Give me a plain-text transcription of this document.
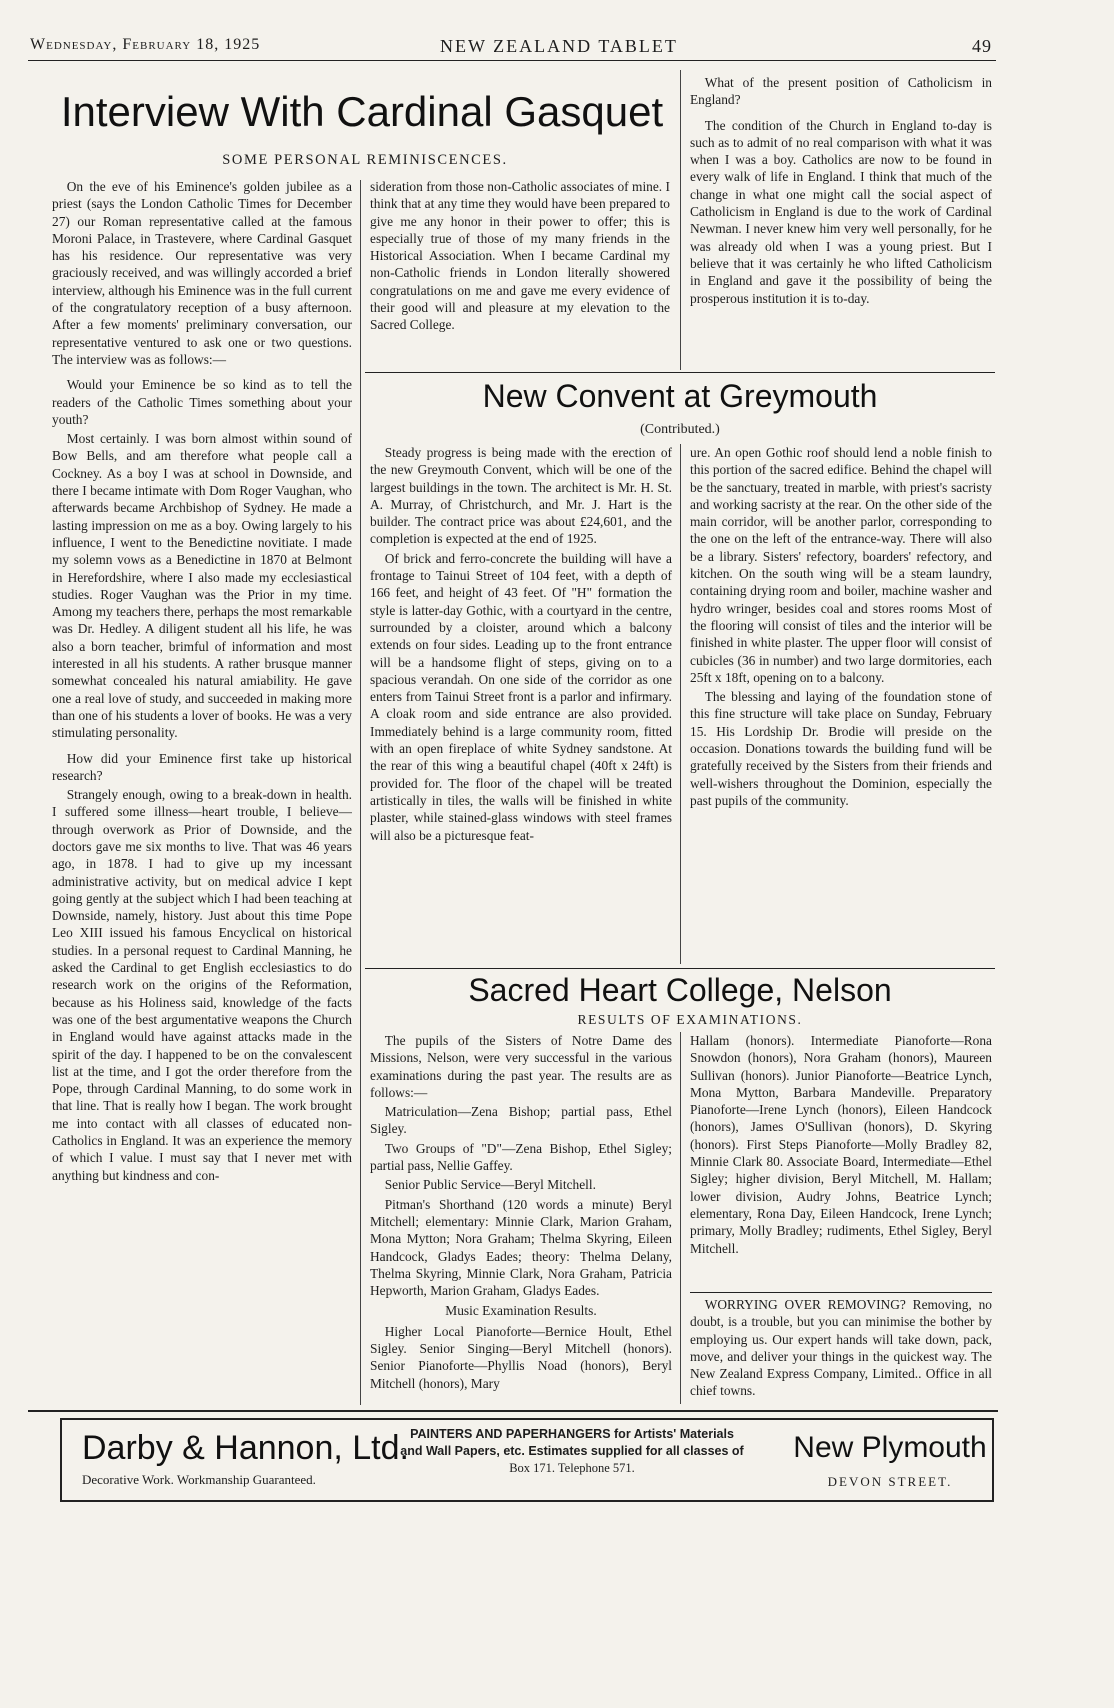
Wednesday, February 18, 1925	NEW ZEALAND TABLET	49
Interview With Cardinal Gasquet
SOME PERSONAL REMINISCENCES.

On the eve of his Eminence's golden jubilee as a priest (says the London Catholic Times for December 27) our Roman representative called at the famous Moroni Palace, in Trastevere, where Cardinal Gasquet has his residence. Our representative was very graciously received, and was willingly accorded a brief interview, although his Eminence was in the full current of the congratulatory reception of a busy afternoon. After a few moments' preliminary conversation, our representative ventured to ask one or two questions. The interview was as follows:—

Would your Eminence be so kind as to tell the readers of the Catholic Times something about your youth?

Most certainly. I was born almost within sound of Bow Bells, and am therefore what people call a Cockney. As a boy I was at school in Downside, and there I became intimate with Dom Roger Vaughan, who afterwards became Archbishop of Sydney. He made a lasting impression on me as a boy. Owing largely to his influence, I went to the Benedictine novitiate. I made my solemn vows as a Benedictine in 1870 at Belmont in Herefordshire, where I also made my ecclesiastical studies. Roger Vaughan was the Prior in my time. Among my teachers there, perhaps the most remarkable was Dr. Hedley. A diligent student all his life, he was also a born teacher, brimful of information and most interested in all his students. A rather brusque manner somewhat concealed his natural amiability. He gave one a real love of study, and succeeded in making more than one of his students a lover of books. He was a very stimulating personality.

How did your Eminence first take up historical research?

Strangely enough, owing to a break-down in health. I suffered some illness—heart trouble, I believe—through overwork as Prior of Downside, and the doctors gave me six months to live. That was 46 years ago, in 1878. I had to give up my incessant administrative activity, but on medical advice I kept going gently at the subject which I had been teaching at Downside, namely, history. Just about this time Pope Leo XIII issued his famous Encyclical on historical studies. In a personal request to Cardinal Manning, he asked the Cardinal to get English ecclesiastics to do research work on the origins of the Reformation, because as his Holiness said, knowledge of the facts was one of the best argumentative weapons the Church in England would have against attacks made in the spirit of the day. I happened to be on the convalescent list at the time, and I got the order therefore from the Pope, through Cardinal Manning, to do some work in that line. That is really how I began. The work brought me into contact with all classes of educated non-Catholics in England. It was an experience the memory of which I value. I must say that I never met with anything but kindness and con-

sideration from those non-Catholic associates of mine. I think that at any time they would have been prepared to give me any honor in their power to offer; this is especially true of those of my many friends in the Historical Association. When I became Cardinal my non-Catholic friends in London literally showered congratulations on me and gave me every evidence of their good will and pleasure at my elevation to the Sacred College.

What of the present position of Catholicism in England?

The condition of the Church in England to-day is such as to admit of no real comparison with what it was when I was a boy. Catholics are now to be found in every walk of life in England. I think that much of the change in what one might call the social aspect of Catholicism in England is due to the work of Cardinal Newman. I never knew him very well personally, for he was already old when I was a young priest. But I believe that it was certainly he who lifted Catholicism in England and gave it the possibility of being the prosperous institution it is to-day.

New Convent at Greymouth
(Contributed.)

Steady progress is being made with the erection of the new Greymouth Convent, which will be one of the largest buildings in the town. The architect is Mr. H. St. A. Murray, of Christchurch, and Mr. J. Hart is the builder. The contract price was about £24,601, and the completion is expected at the end of 1925.

Of brick and ferro-concrete the building will have a frontage to Tainui Street of 104 feet, with a depth of 166 feet, and height of 43 feet. Of "H" formation the style is latter-day Gothic, with a courtyard in the centre, surrounded by a cloister, around which a balcony extends on four sides. Leading up to the front entrance will be a handsome flight of steps, giving on to a spacious verandah. On one side of the corridor as one enters from Tainui Street front is a parlor and infirmary. A cloak room and side entrance are also provided. Immediately behind is a large community room, fitted with an open fireplace of white Sydney sandstone. At the rear of this wing a beautiful chapel (40ft x 24ft) is provided for. The floor of the chapel will be treated artistically in tiles, the walls will be finished in white plaster, while stained-glass windows with steel frames will also be a picturesque feat-

ure. An open Gothic roof should lend a noble finish to this portion of the sacred edifice. Behind the chapel will be the sanctuary, treated in marble, with priest's sacristy and working sacristy at the rear. On the other side of the main corridor, will be another parlor, corresponding to the one on the left of the entrance-way. There will also be a library. Sisters' refectory, boarders' refectory, and kitchen. On the south wing will be a steam laundry, containing drying room and boiler, machine washer and hydro wringer, besides coal and stores rooms Most of the flooring will consist of tiles and the interior will be finished in white plaster. The upper floor will consist of cubicles (36 in number) and two large dormitories, each 25ft x 18ft, opening on to a balcony.

The blessing and laying of the foundation stone of this fine structure will take place on Sunday, February 15. His Lordship Dr. Brodie will preside on the occasion. Donations towards the building fund will be gratefully received by the Sisters from their friends and well-wishers throughout the Dominion, especially the past pupils of the community.

Sacred Heart College, Nelson
RESULTS OF EXAMINATIONS.

The pupils of the Sisters of Notre Dame des Missions, Nelson, were very successful in the various examinations during the past year. The results are as follows:—

Matriculation—Zena Bishop; partial pass, Ethel Sigley.

Two Groups of "D"—Zena Bishop, Ethel Sigley; partial pass, Nellie Gaffey.

Senior Public Service—Beryl Mitchell.

Pitman's Shorthand (120 words a minute) Beryl Mitchell; elementary: Minnie Clark, Marion Graham, Mona Mytton; Nora Graham; Thelma Skyring, Eileen Handcock, Gladys Eades; theory: Thelma Delany, Thelma Skyring, Minnie Clark, Nora Graham, Patricia Hepworth, Marion Graham, Gladys Eades.

Music Examination Results.

Higher Local Pianoforte—Bernice Hoult, Ethel Sigley. Senior Singing—Beryl Mitchell (honors). Senior Pianoforte—Phyllis Noad (honors), Beryl Mitchell (honors), Mary

Hallam (honors). Intermediate Pianoforte—Rona Snowdon (honors), Nora Graham (honors), Maureen Sullivan (honors). Junior Pianoforte—Beatrice Lynch, Mona Mytton, Barbara Mandeville. Preparatory Pianoforte—Irene Lynch (honors), Eileen Handcock (honors), James O'Sullivan (honors), D. Skyring (honors). First Steps Pianoforte—Molly Bradley 82, Minnie Clark 80. Associate Board, Intermediate—Ethel Sigley; higher division, Beryl Mitchell, M. Hallam; lower division, Audry Johns, Beatrice Lynch; elementary, Rona Day, Eileen Handcock, Irene Lynch; primary, Molly Bradley; rudiments, Ethel Sigley, Beryl Mitchell.

WORRYING OVER REMOVING? Removing, no doubt, is a trouble, but you can minimise the bother by employing us. Our expert hands will take down, pack, move, and deliver your things in the quickest way. The New Zealand Express Company, Limited.. Office in all chief towns.

Darby & Hannon, Ltd.
Decorative Work. Workmanship Guaranteed.
PAINTERS AND PAPERHANGERS for Artists' Materials
and Wall Papers, etc. Estimates supplied for all classes of
Box 171. Telephone 571.
New Plymouth
DEVON STREET.
